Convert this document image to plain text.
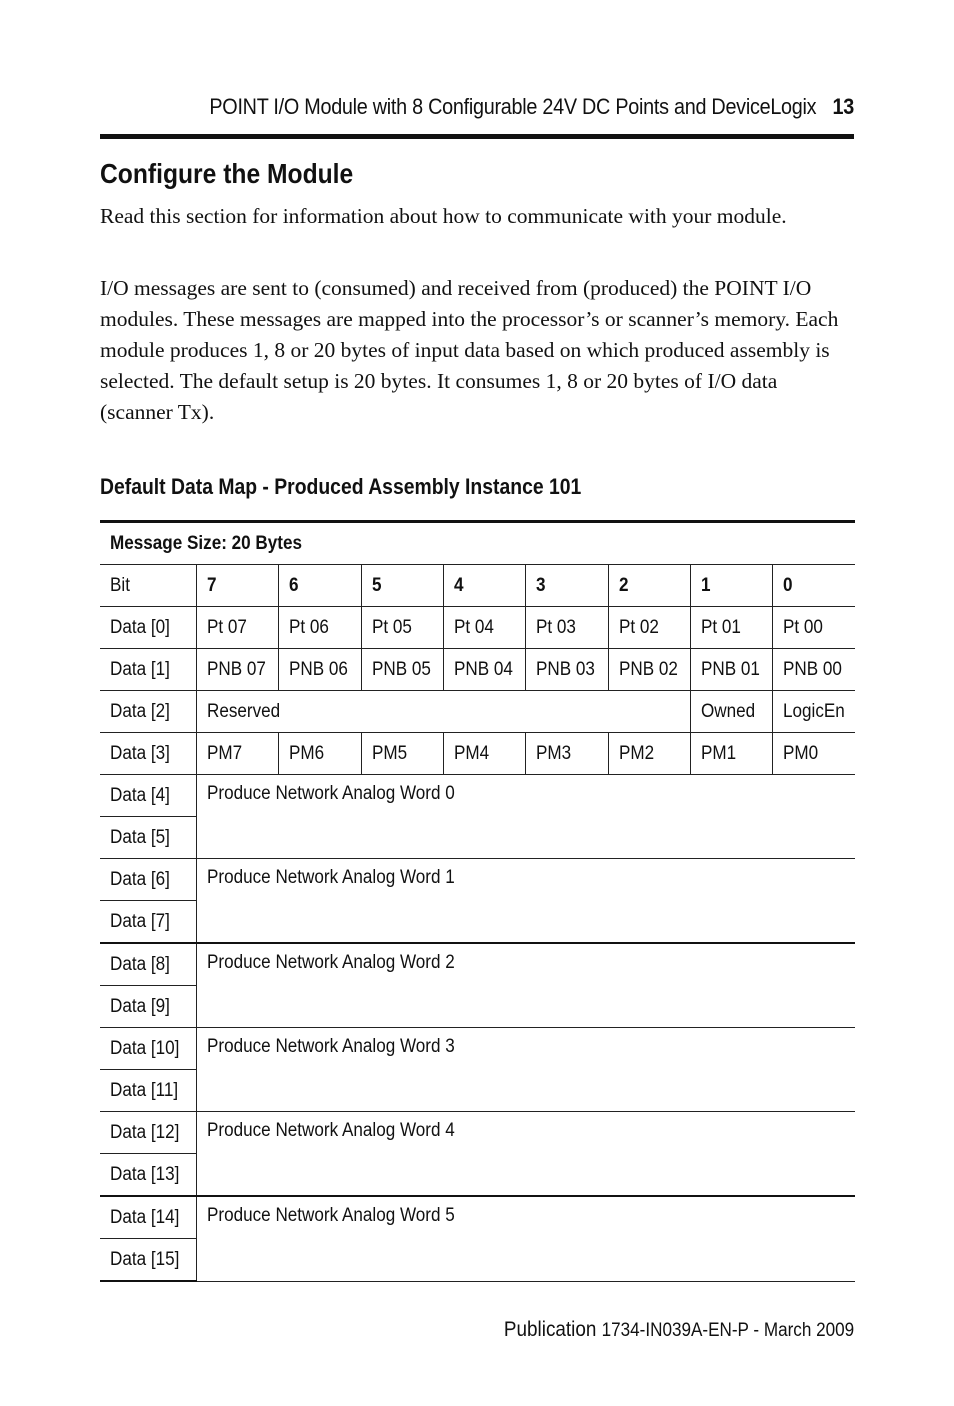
POINT I/O Module with 8 Configurable 24V DC Points and DeviceLogix 13
Configure the Module

Read this section for information about how to communicate with your module.

I/O messages are sent to (consumed) and received from (produced) the POINT I/O modules. These messages are mapped into the processor’s or scanner’s memory. Each module produces 1, 8 or 20 bytes of input data based on which produced assembly is selected. The default setup is 20 bytes. It consumes 1, 8 or 20 bytes of I/O data (scanner Tx).

Default Data Map - Produced Assembly Instance 101
Message Size: 20 Bytes								
Bit	7	6	5	4	3	2	1	0
Data [0]	Pt 07	Pt 06	Pt 05	Pt 04	Pt 03	Pt 02	Pt 01	Pt 00
Data [1]	PNB 07	PNB 06	PNB 05	PNB 04	PNB 03	PNB 02	PNB 01	PNB 00
Data [2]	Reserved						Owned	LogicEn
Data [3]	PM7	PM6	PM5	PM4	PM3	PM2	PM1	PM0
Data [4]	Produce Network Analog Word 0							
Data [5]								
Data [6]	Produce Network Analog Word 1							
Data [7]								
Data [8]	Produce Network Analog Word 2							
Data [9]								
Data [10]	Produce Network Analog Word 3							
Data [11]								
Data [12]	Produce Network Analog Word 4							
Data [13]								
Data [14]	Produce Network Analog Word 5							
Data [15]								
Publication 1734-IN039A-EN-P - March 2009
